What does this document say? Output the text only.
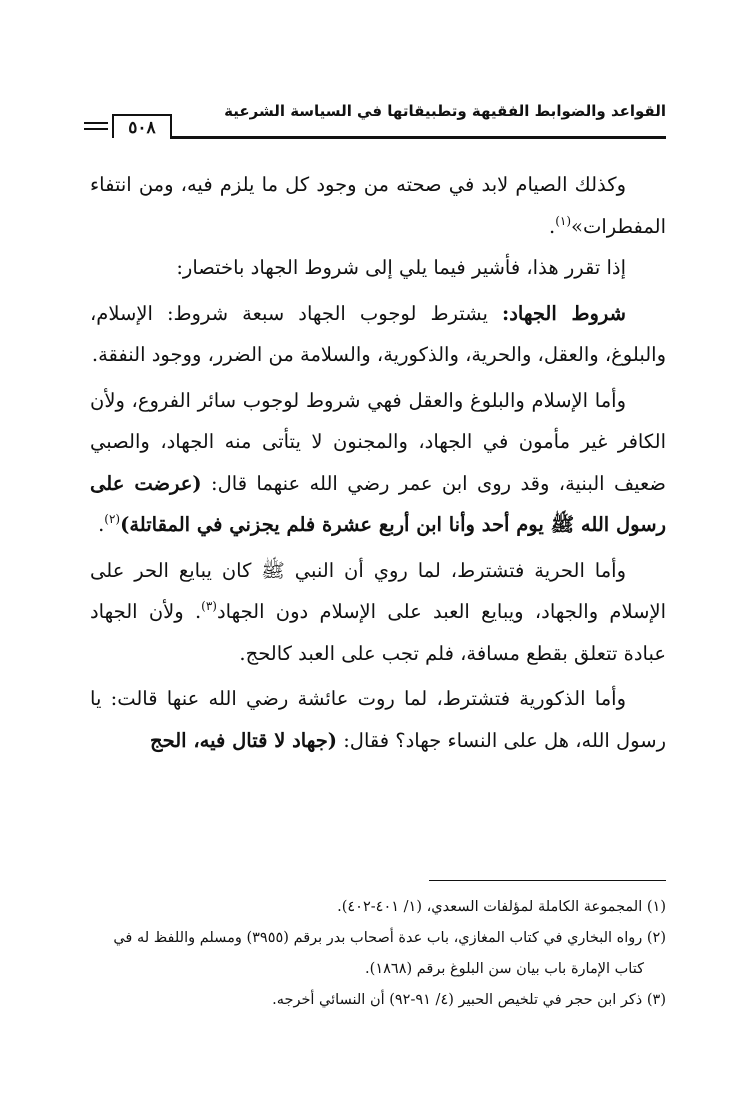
القواعد والضوابط الفقيهة وتطبيقاتها في السياسة الشرعية
٥٠٨

وكذلك الصيام لابد في صحته من وجود كل ما يلزم فيه، ومن انتفاء المفطرات»$^{(١)}$.

إذا تقرر هذا، فأشير فيما يلي إلى شروط الجهاد باختصار:

شروط الجهاد: يشترط لوجوب الجهاد سبعة شروط: الإسلام، والبلوغ، والعقل، والحرية، والذكورية، والسلامة من الضرر، ووجود النفقة.

وأما الإسلام والبلوغ والعقل فهي شروط لوجوب سائر الفروع، ولأن الكافر غير مأمون في الجهاد، والمجنون لا يتأتى منه الجهاد، والصبي ضعيف البنية، وقد روى ابن عمر رضي الله عنهما قال: (عرضت على رسول الله ﷺ يوم أحد وأنا ابن أربع عشرة فلم يجزني في المقاتلة)$^{(٢)}$.

وأما الحرية فتشترط، لما روي أن النبي ﷺ كان يبايع الحر على الإسلام والجهاد، ويبايع العبد على الإسلام دون الجهاد$^{(٣)}$. ولأن الجهاد عبادة تتعلق بقطع مسافة، فلم تجب على العبد كالحج.

وأما الذكورية فتشترط، لما روت عائشة رضي الله عنها قالت: يا رسول الله، هل على النساء جهاد؟ فقال: (جهاد لا قتال فيه، الحج

(١) المجموعة الكاملة لمؤلفات السعدي، (١/ ٤٠١-٤٠٢).

(٢) رواه البخاري في كتاب المغازي، باب عدة أصحاب بدر برقم (٣٩٥٥) ومسلم واللفظ له في

كتاب الإمارة باب بيان سن البلوغ برقم (١٨٦٨).

(٣) ذكر ابن حجر في تلخيص الحبير (٤/ ٩١-٩٢) أن النسائي أخرجه.
